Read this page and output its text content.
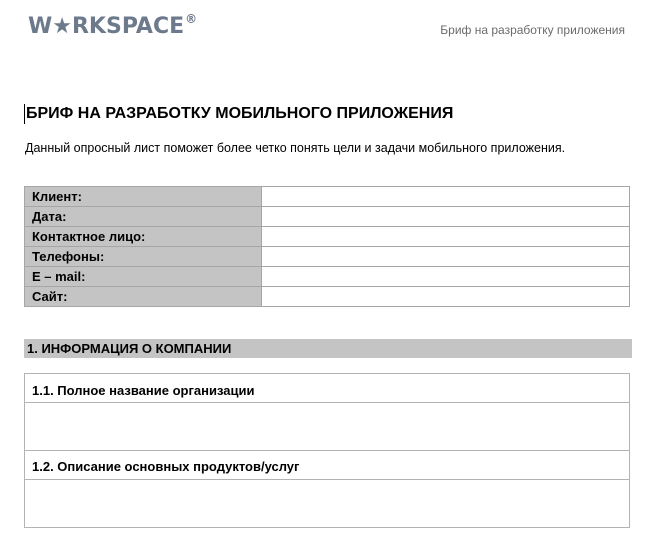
W★RKSPACE®
Бриф на разработку приложения
БРИФ НА РАЗРАБОТКУ МОБИЛЬНОГО ПРИЛОЖЕНИЯ
Данный опросный лист поможет более четко понять цели и задачи мобильного приложения.
Клиент:	
Дата:	
Контактное лицо:	
Телефоны:	
E – mail:	
Сайт:	
1. ИНФОРМАЦИЯ О КОМПАНИИ
1.1. Полное название организации
1.2. Описание основных продуктов/услуг
